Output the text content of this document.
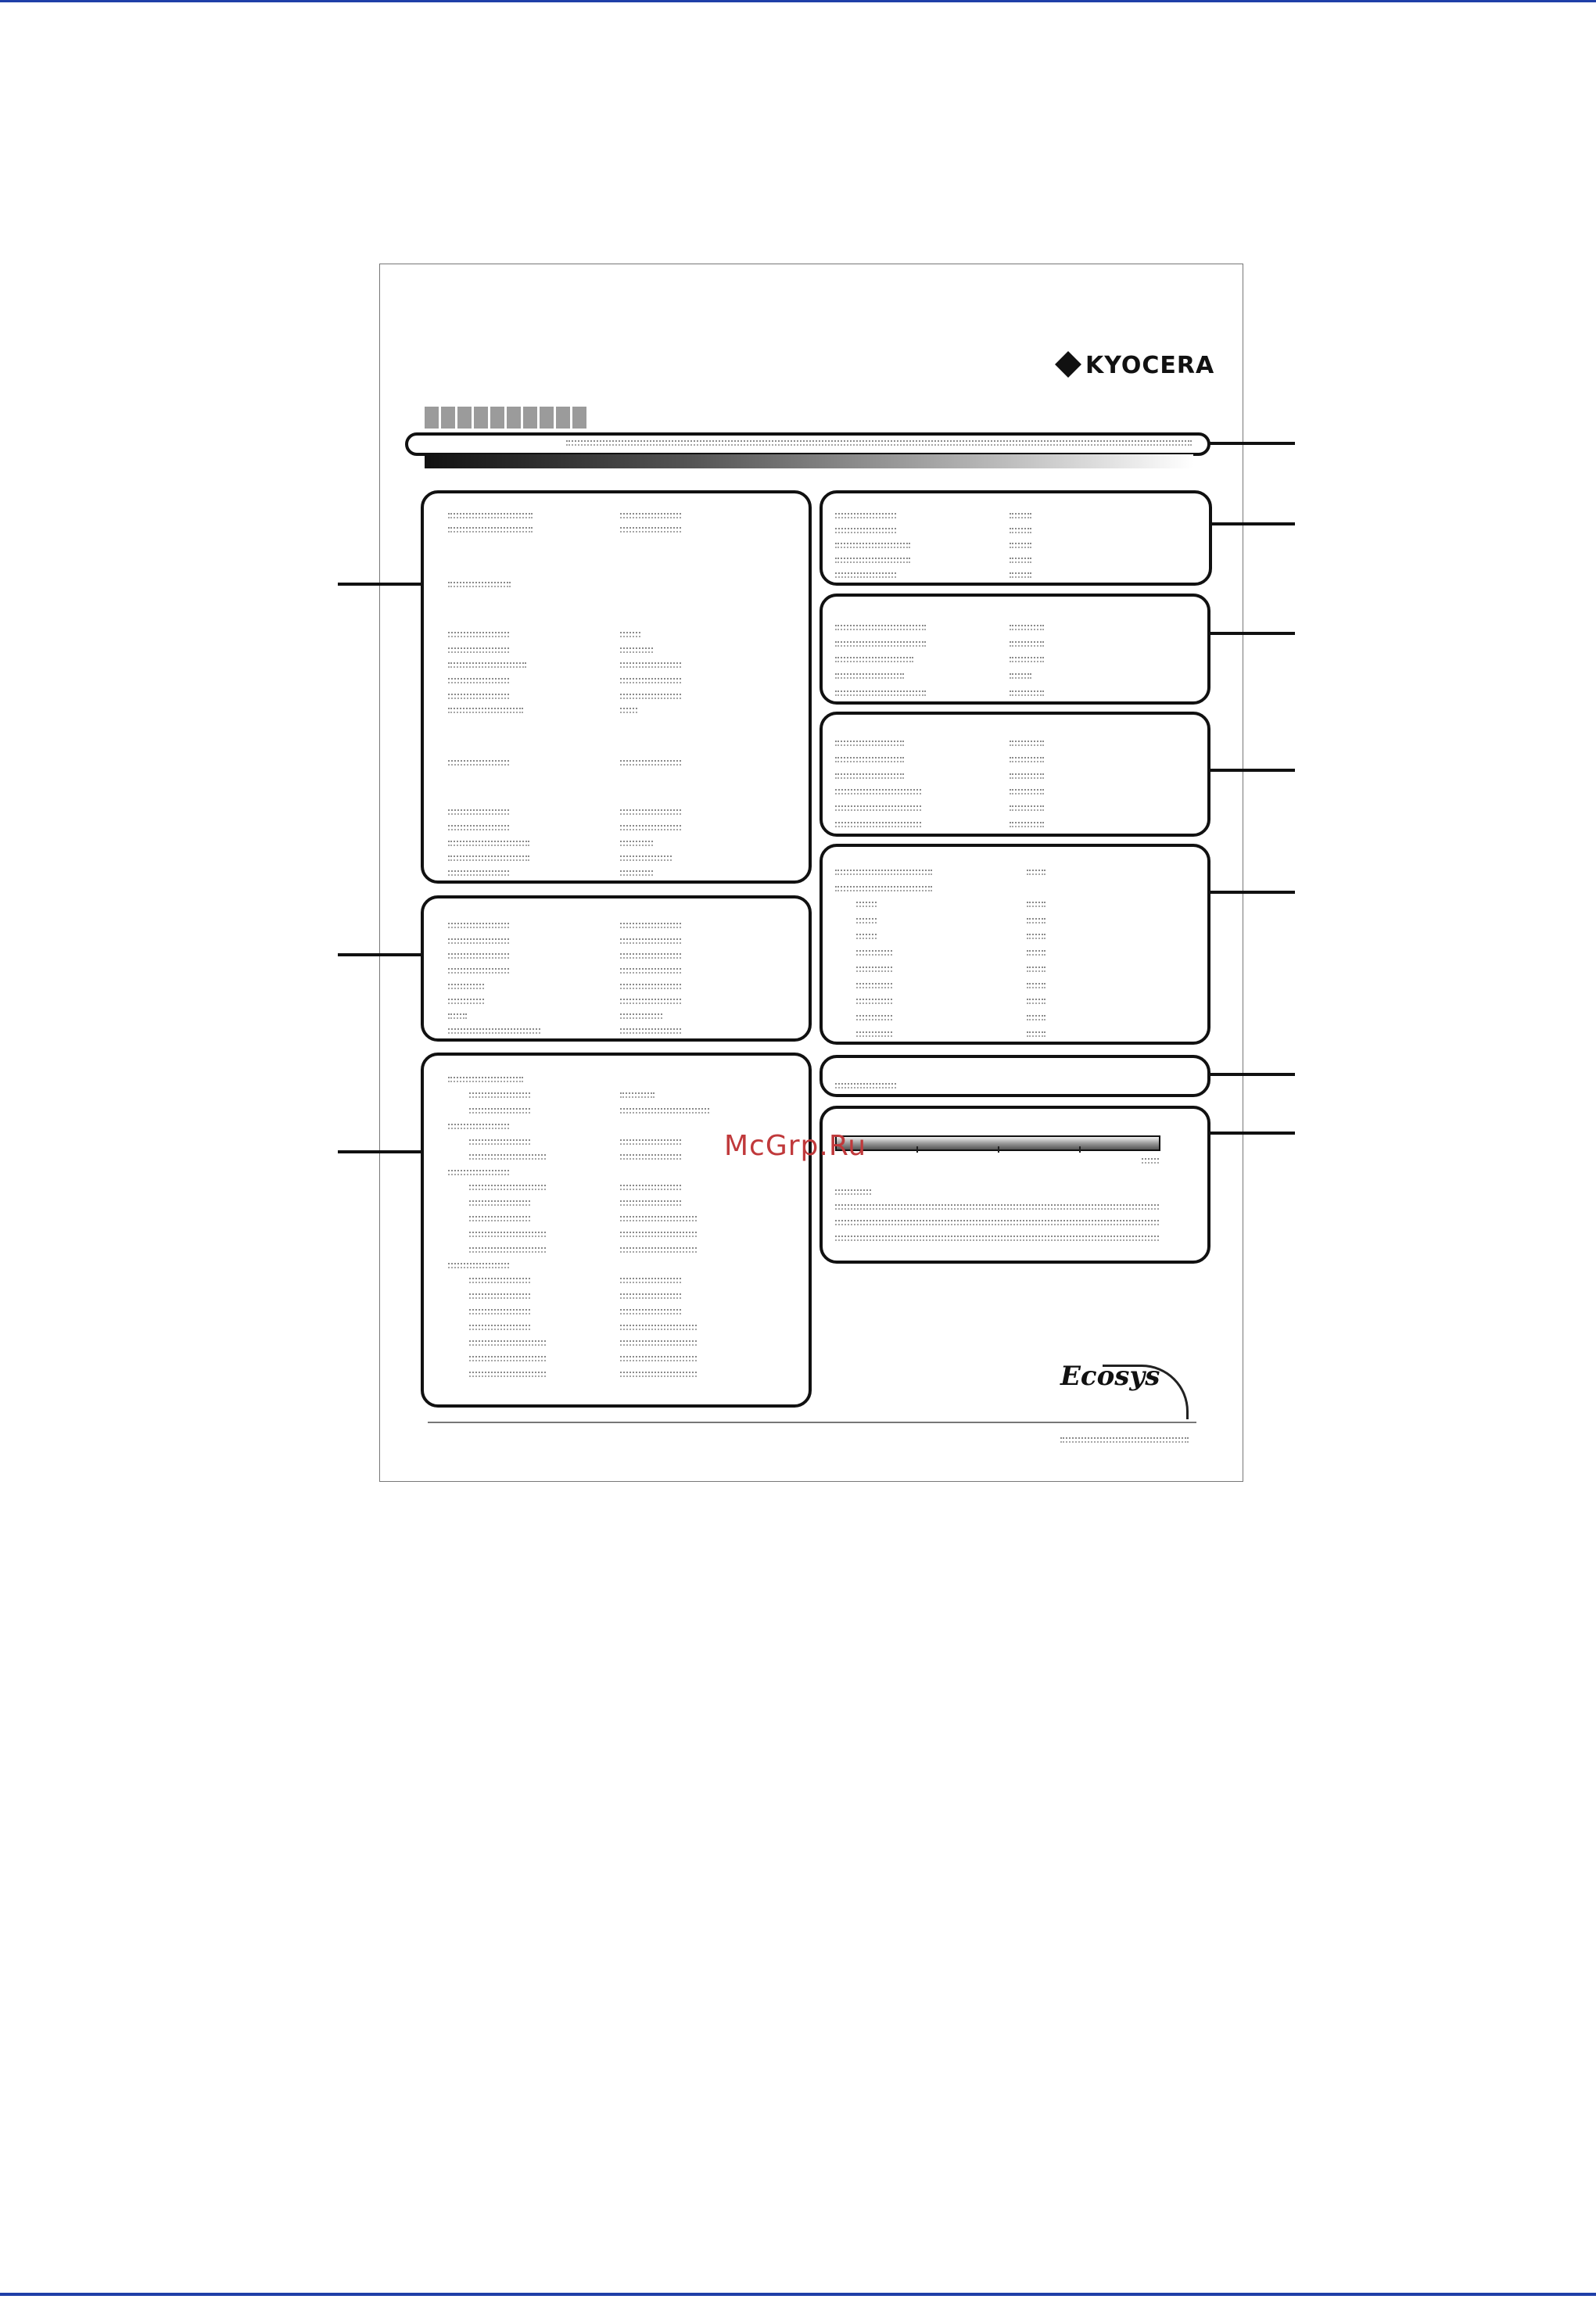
KYOCERA
McGrp.Ru
Ecosys
